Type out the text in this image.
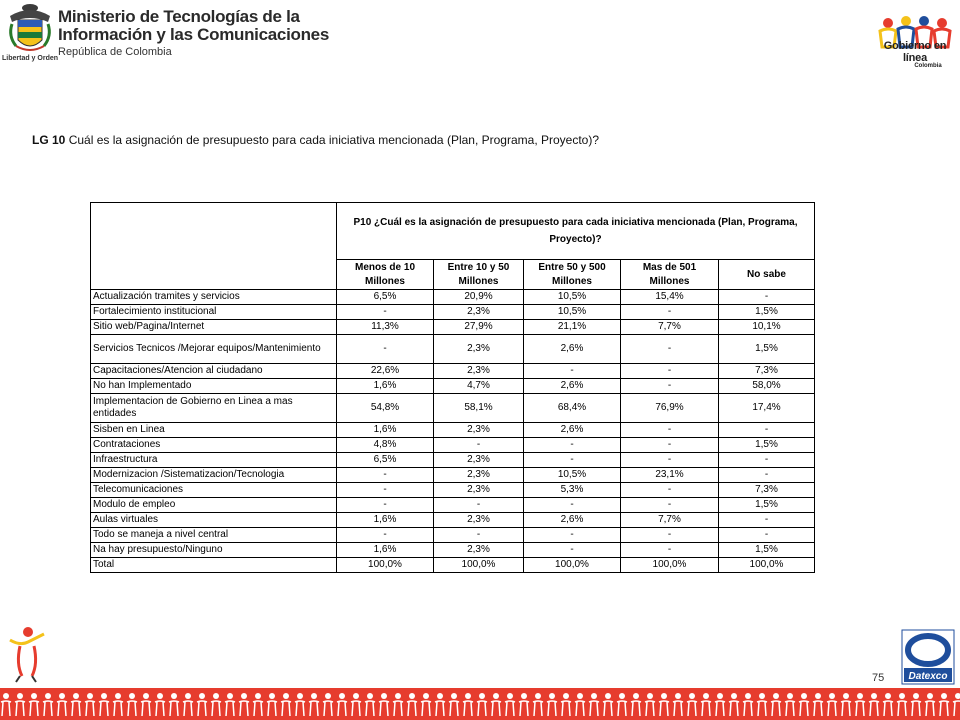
Libertad y Orden
Ministerio de Tecnologías de la
Información y las Comunicaciones
República de Colombia	Gobierno en línea
Colombia
LG 10 Cuál es la asignación de presupuesto para cada iniciativa mencionada (Plan, Programa, Proyecto)?
	P10 ¿Cuál es la asignación de presupuesto para cada iniciativa mencionada (Plan, Programa, Proyecto)?				
	Menos de 10 Millones	Entre 10 y 50 Millones	Entre 50 y 500 Millones	Mas de 501 Millones	No sabe
Actualización tramites y servicios	6,5%	20,9%	10,5%	15,4%	-
Fortalecimiento institucional	-	2,3%	10,5%	-	1,5%
Sitio web/Pagina/Internet	11,3%	27,9%	21,1%	7,7%	10,1%
Servicios Tecnicos /Mejorar equipos/Mantenimiento	-	2,3%	2,6%	-	1,5%
Capacitaciones/Atencion al ciudadano	22,6%	2,3%	-	-	7,3%
No han Implementado	1,6%	4,7%	2,6%	-	58,0%
Implementacion de Gobierno en Linea a mas entidades	54,8%	58,1%	68,4%	76,9%	17,4%
Sisben en Linea	1,6%	2,3%	2,6%	-	-
Contrataciones	4,8%	-	-	-	1,5%
Infraestructura	6,5%	2,3%	-	-	-
Modernizacion /Sistematizacion/Tecnologia	-	2,3%	10,5%	23,1%	-
Telecomunicaciones	-	2,3%	5,3%	-	7,3%
Modulo de empleo	-	-	-	-	1,5%
Aulas virtuales	1,6%	2,3%	2,6%	7,7%	-
Todo se maneja a nivel central	-	-	-	-	-
Na hay presupuesto/Ninguno	1,6%	2,3%	-	-	1,5%
Total	100,0%	100,0%	100,0%	100,0%	100,0%
Datexco
75
